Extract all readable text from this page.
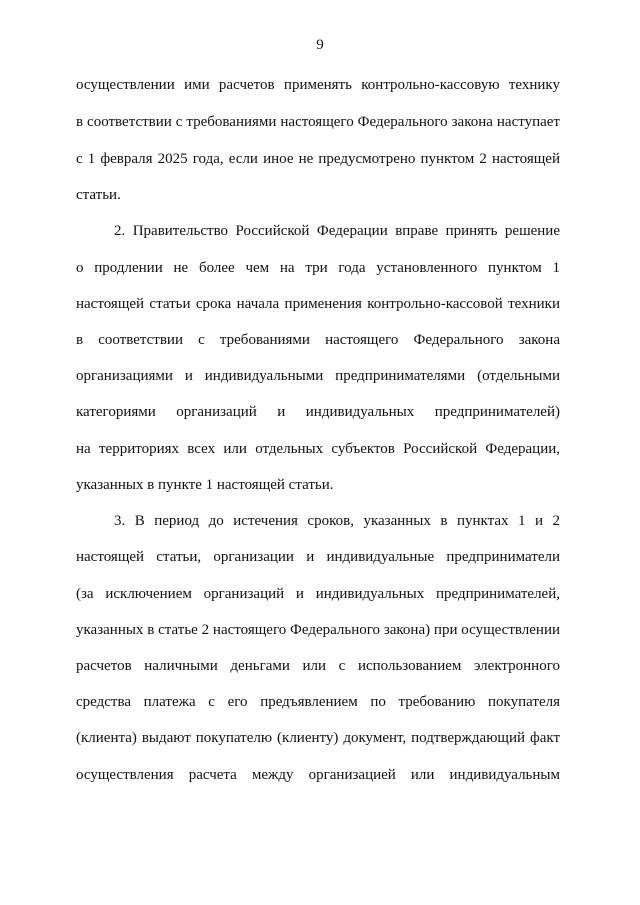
9
осуществлении ими расчетов применять контрольно-кассовую технику
в соответствии с требованиями настоящего Федерального закона наступает
с 1 февраля 2025 года, если иное не предусмотрено пунктом 2 настоящей
статьи.
2. Правительство Российской Федерации вправе принять решение
о продлении не более чем на три года установленного пунктом 1
настоящей статьи срока начала применения контрольно-кассовой техники
в соответствии с требованиями настоящего Федерального закона
организациями и индивидуальными предпринимателями (отдельными
категориями организаций и индивидуальных предпринимателей)
на территориях всех или отдельных субъектов Российской Федерации,
указанных в пункте 1 настоящей статьи.
3. В период до истечения сроков, указанных в пунктах 1 и 2
настоящей статьи, организации и индивидуальные предприниматели
(за исключением организаций и индивидуальных предпринимателей,
указанных в статье 2 настоящего Федерального закона) при осуществлении
расчетов наличными деньгами или с использованием электронного
средства платежа с его предъявлением по требованию покупателя
(клиента) выдают покупателю (клиенту) документ, подтверждающий факт
осуществления расчета между организацией или индивидуальным
